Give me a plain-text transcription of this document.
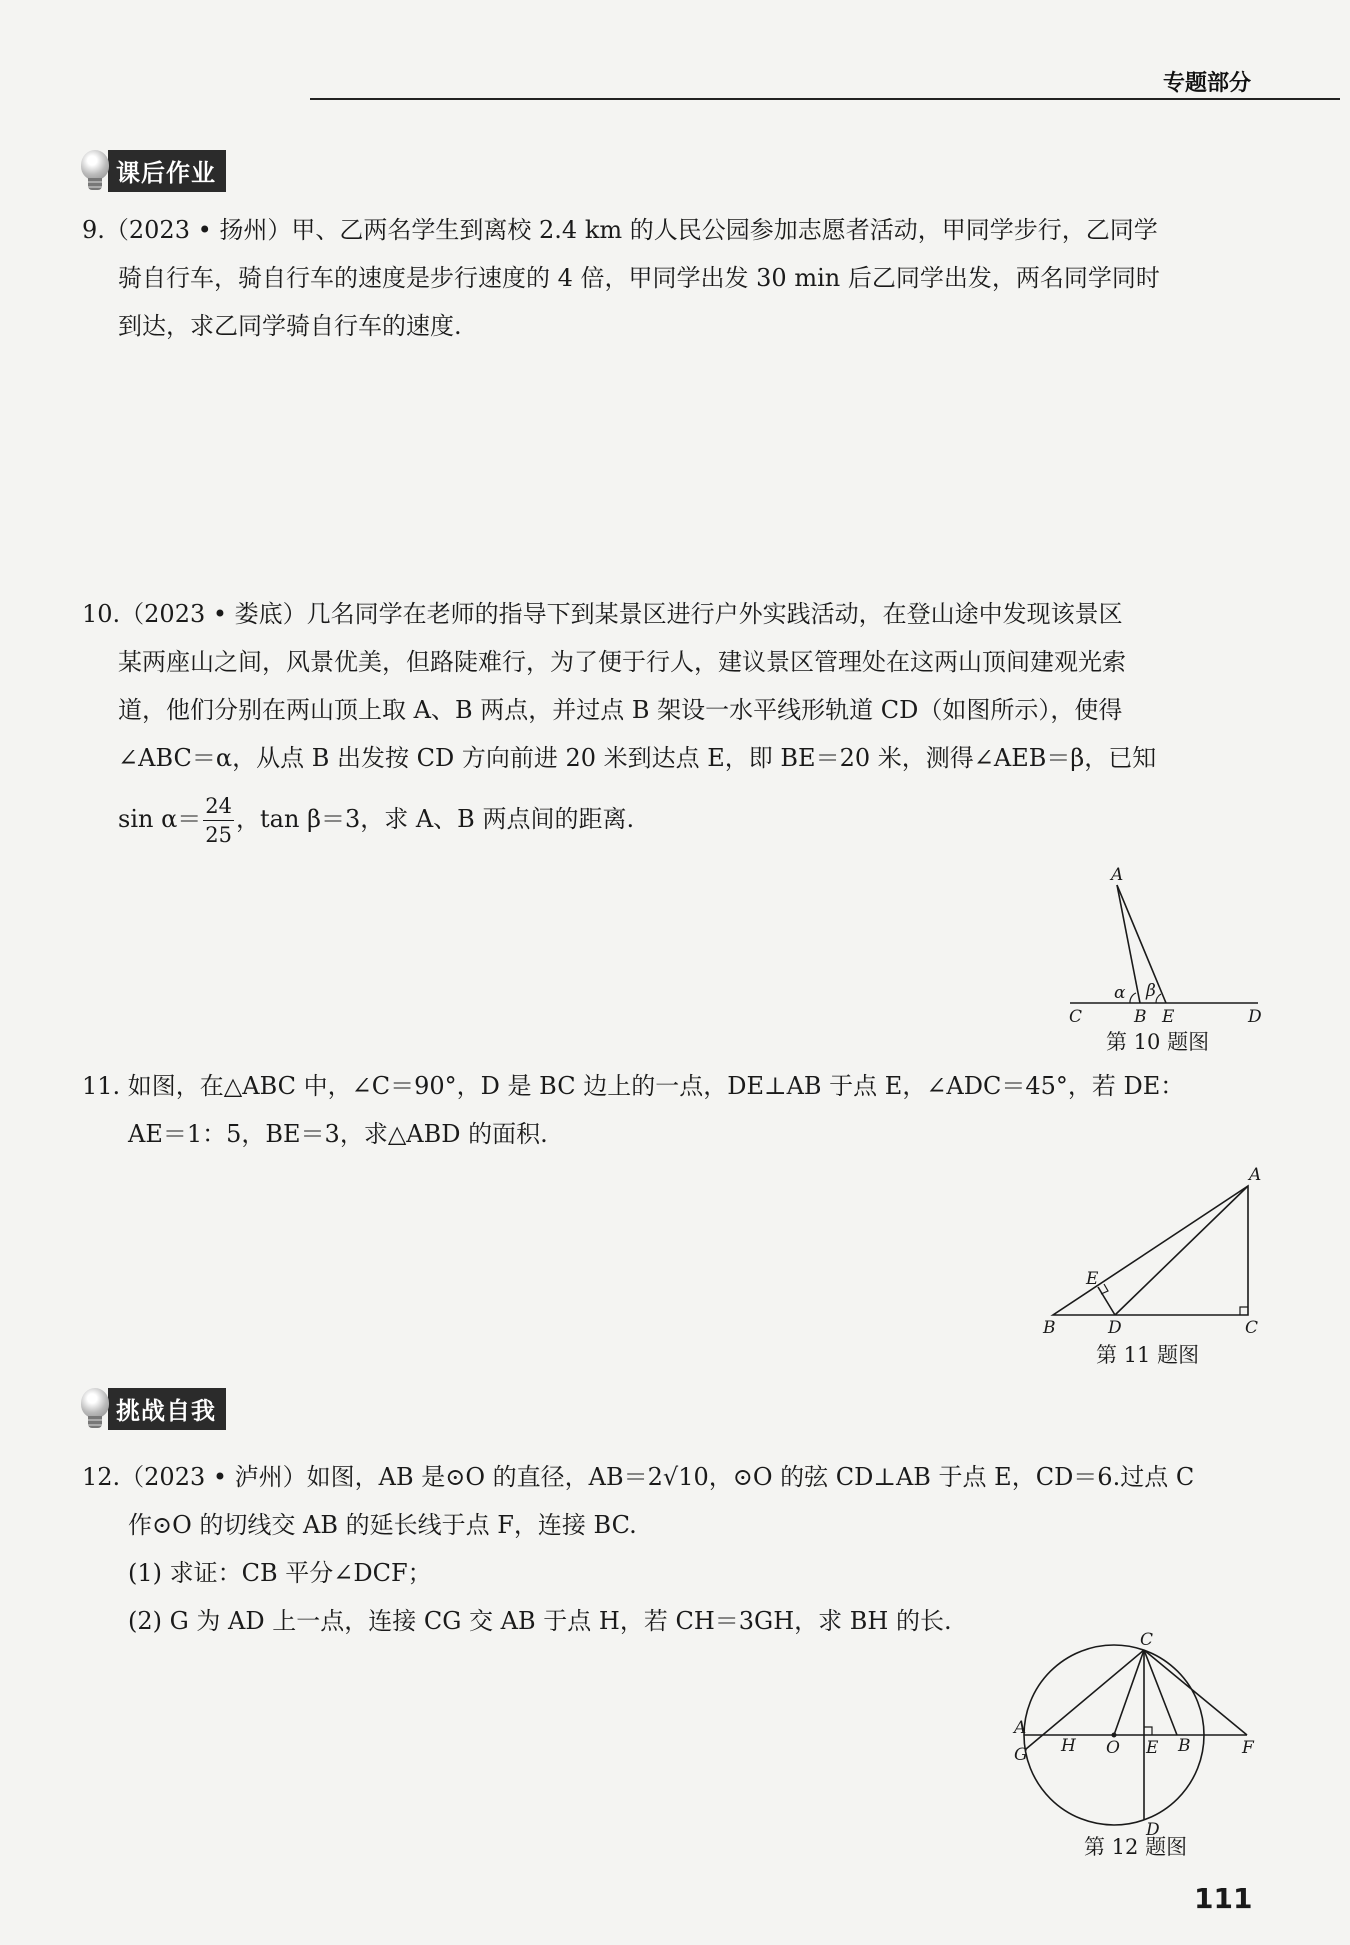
专题部分
课后作业

9.（2023 • 扬州）甲、乙两名学生到离校 2.4 km 的人民公园参加志愿者活动，甲同学步行，乙同学

骑自行车，骑自行车的速度是步行速度的 4 倍，甲同学出发 30 min 后乙同学出发，两名同学同时

到达，求乙同学骑自行车的速度.

10.（2023 • 娄底）几名同学在老师的指导下到某景区进行户外实践活动，在登山途中发现该景区

某两座山之间，风景优美，但路陡难行，为了便于行人，建议景区管理处在这两山顶间建观光索

道，他们分别在两山顶上取 A、B 两点，并过点 B 架设一水平线形轨道 CD（如图所示），使得

∠ABC＝α，从点 B 出发按 CD 方向前进 20 米到达点 E，即 BE＝20 米，测得∠AEB＝β，已知

$\sin \alpha= \frac{24}{25}$ ，tan β＝3，求 A、B 两点间的距离.

A
C	B E	D
α β
第 10 题图

11. 如图，在△ABC 中，∠C＝90°，D 是 BC 边上的一点，DE⊥AB 于点 E，∠ADC＝45°，若 DE：

AE＝1：5，BE＝3，求△ABD 的面积.

A
B	D	C
E
第 11 题图
挑战自我

12.（2023 • 泸州）如图，AB 是⊙O 的直径，AB＝2√10，⊙O 的弦 CD⊥AB 于点 E，CD＝6.过点 C

作⊙O 的切线交 AB 的延长线于点 F，连接 BC.

(1) 求证：CB 平分∠DCF；

(2) G 为 AD 上一点，连接 CG 交 AB 于点 H，若 CH＝3GH，求 BH 的长.

C
A
G H O E B	F
D
第 12 题图
111
